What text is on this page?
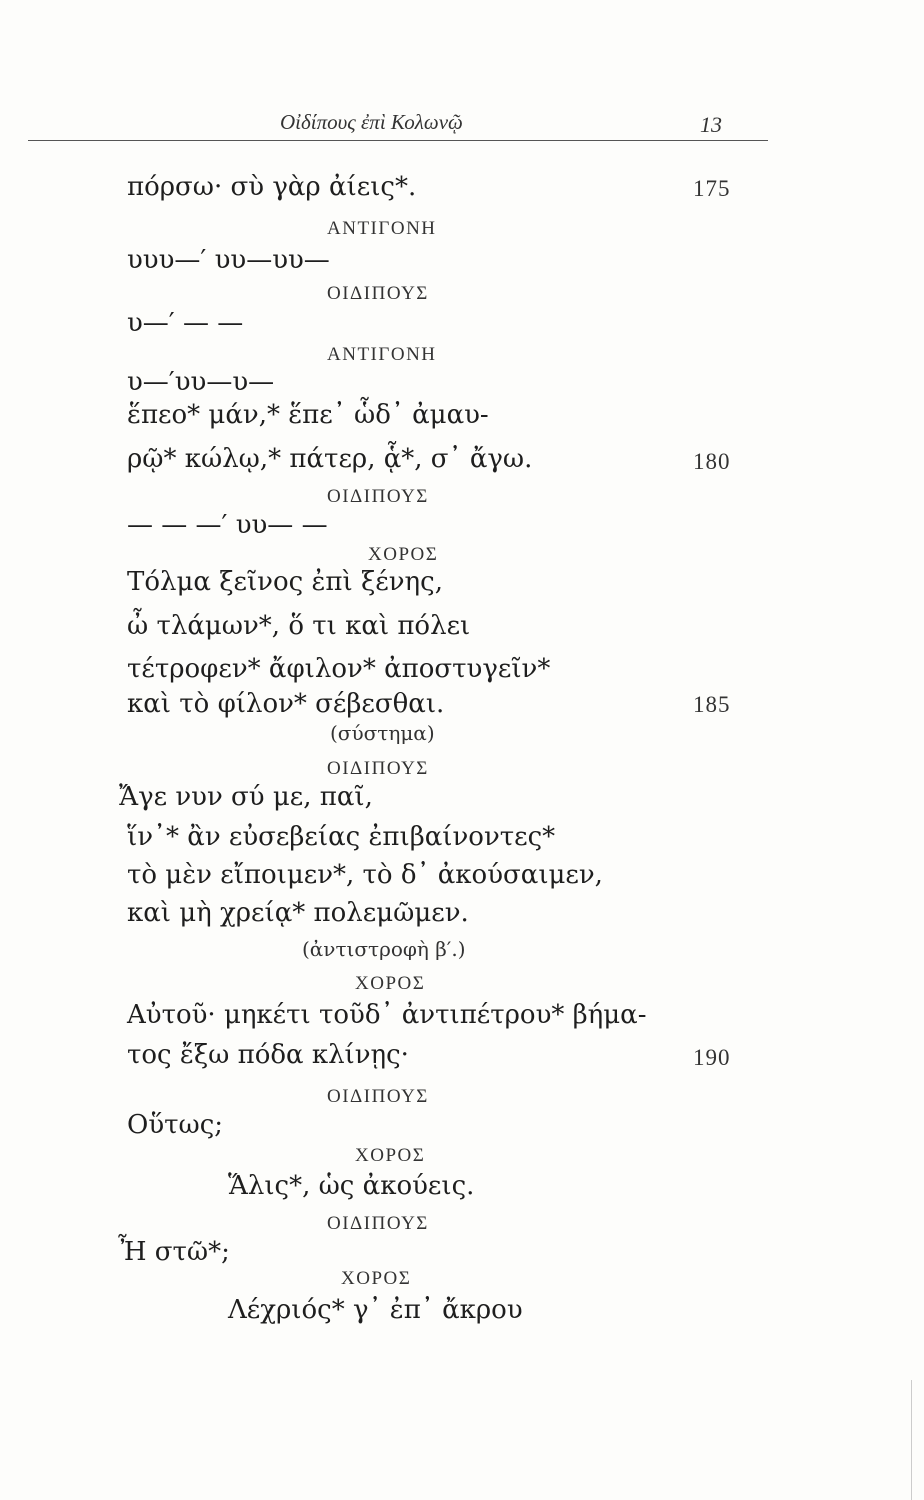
Οἰδίπους ἐπὶ Κολωνῷ	13
πόρσω· σὺ γὰρ ἀίεις*.	175
ΑΝΤΙΓΟΝΗ
υυυ—′ υυ—υυ—
ΟΙΔΙΠΟΥΣ
υ—′ — —
ΑΝΤΙΓΟΝΗ
υ—′υυ—υ—
ἕπεο* μάν,* ἕπε᾽ ὧδ᾽ ἀμαυ-
ρῷ* κώλῳ,* πάτερ, ᾇ*, σ᾽ ἄγω.	180
ΟΙΔΙΠΟΥΣ
— — —′ υυ— —
ΧΟΡΟΣ
Τόλμα ξεῖνος ἐπὶ ξένης,
ὦ τλάμων*, ὅ τι καὶ πόλει
τέτροφεν* ἄφιλον* ἀποστυγεῖν*
καὶ τὸ φίλον* σέβεσθαι.	185
(σύστημα)
ΟΙΔΙΠΟΥΣ
Ἄγε νυν σύ με, παῖ,
ἵν᾽* ἂν εὐσεβείας ἐπιβαίνοντες*
τὸ μὲν εἴποιμεν*, τὸ δ᾽ ἀκούσαιμεν,
καὶ μὴ χρείᾳ* πολεμῶμεν.
(ἀντιστροφὴ β′.)
ΧΟΡΟΣ
Αὐτοῦ· μηκέτι τοῦδ᾽ ἀντιπέτρου* βήμα-
τος ἔξω πόδα κλίνῃς·	190
ΟΙΔΙΠΟΥΣ
Οὕτως;
ΧΟΡΟΣ
Ἅλις*, ὡς ἀκούεις.
ΟΙΔΙΠΟΥΣ
Ἦ στῶ*;
ΧΟΡΟΣ
Λέχριός* γ᾽ ἐπ᾽ ἄκρου
